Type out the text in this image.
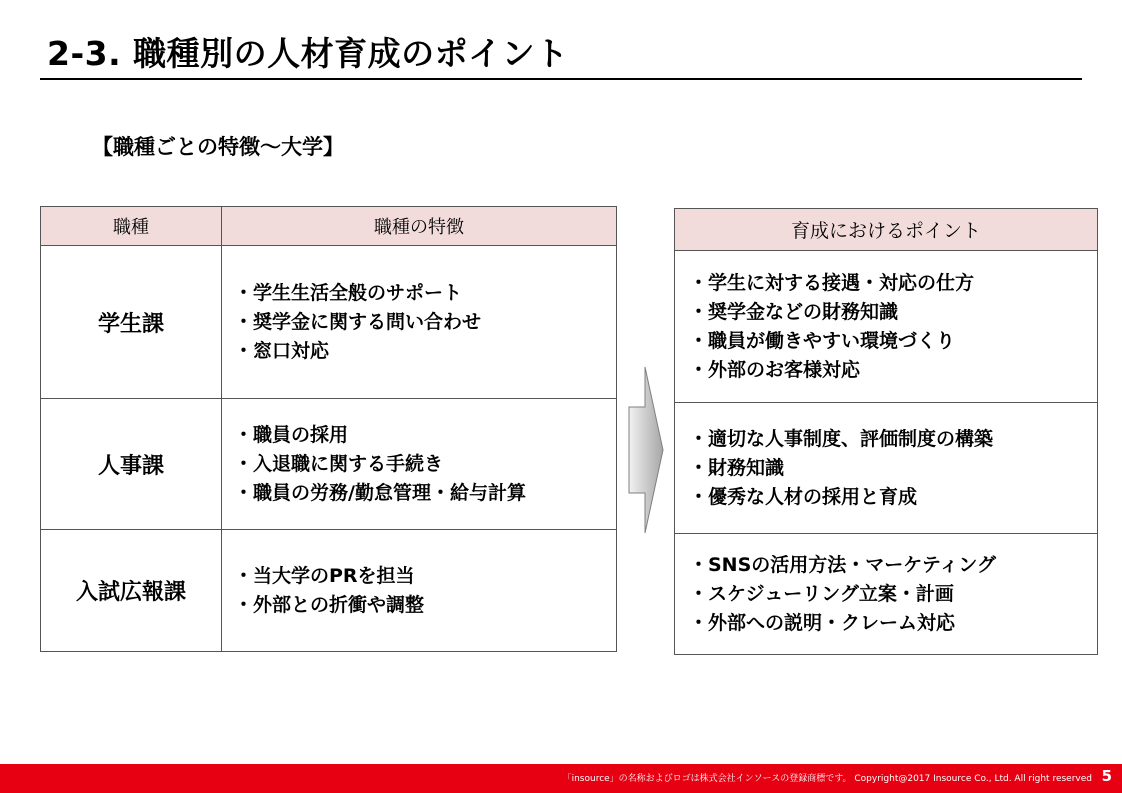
2-3. 職種別の人材育成のポイント
【職種ごとの特徴～大学】
職種	職種の特徴
学生課	・学生生活全般のサポート
・奨学金に関する問い合わせ
・窓口対応

人事課	・職員の採用
・入退職に関する手続き
・職員の労務/勤怠管理・給与計算

入試広報課	・当大学のPRを担当
・外部との折衝や調整
育成におけるポイント

・学生に対する接遇・対応の仕方
・奨学金などの財務知識
・職員が働きやすい環境づくり
・外部のお客様対応

・適切な人事制度、評価制度の構築
・財務知識
・優秀な人材の採用と育成

・SNSの活用方法・マーケティング
・スケジューリング立案・計画
・外部への説明・クレーム対応
「insource」の名称およびロゴは株式会社インソースの登録商標です。 Copyright@2017 Insource Co., Ltd. All right reserved 5
